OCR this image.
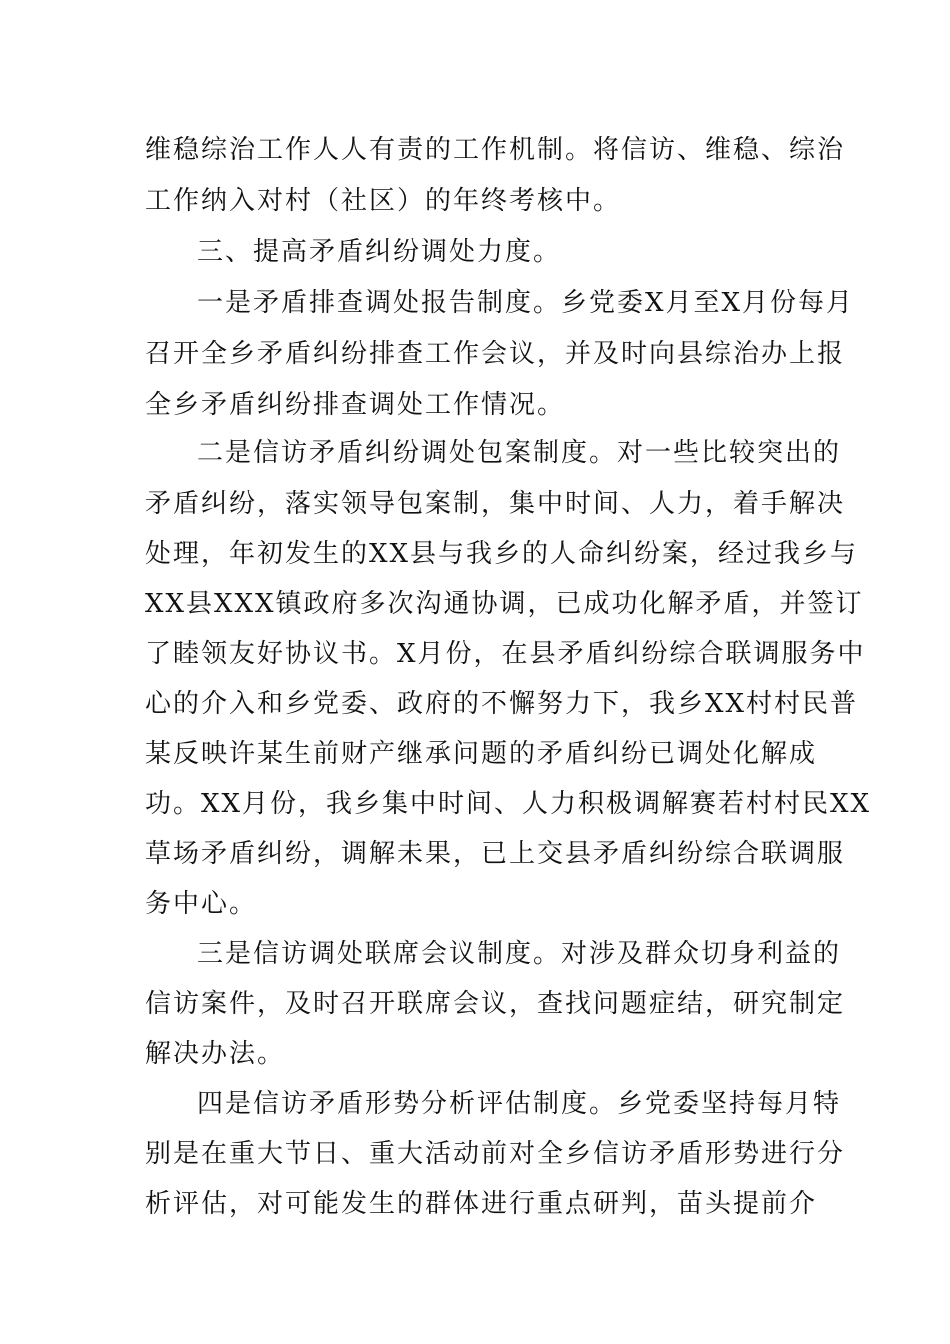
维稳综治工作人人有责的工作机制。将信访、维稳、综治
工作纳入对村（社区）的年终考核中。
三、提高矛盾纠纷调处力度。
一是矛盾排查调处报告制度。乡党委X月至X月份每月
召开全乡矛盾纠纷排查工作会议，并及时向县综治办上报
全乡矛盾纠纷排查调处工作情况。
二是信访矛盾纠纷调处包案制度。对一些比较突出的
矛盾纠纷，落实领导包案制，集中时间、人力，着手解决
处理，年初发生的XX县与我乡的人命纠纷案，经过我乡与
XX县XXX镇政府多次沟通协调，已成功化解矛盾，并签订
了睦领友好协议书。X月份，在县矛盾纠纷综合联调服务中
心的介入和乡党委、政府的不懈努力下，我乡XX村村民普
某反映许某生前财产继承问题的矛盾纠纷已调处化解成
功。XX月份，我乡集中时间、人力积极调解赛若村村民XX
草场矛盾纠纷，调解未果，已上交县矛盾纠纷综合联调服
务中心。
三是信访调处联席会议制度。对涉及群众切身利益的
信访案件，及时召开联席会议，查找问题症结，研究制定
解决办法。
四是信访矛盾形势分析评估制度。乡党委坚持每月特
别是在重大节日、重大活动前对全乡信访矛盾形势进行分
析评估，对可能发生的群体进行重点研判，苗头提前介
